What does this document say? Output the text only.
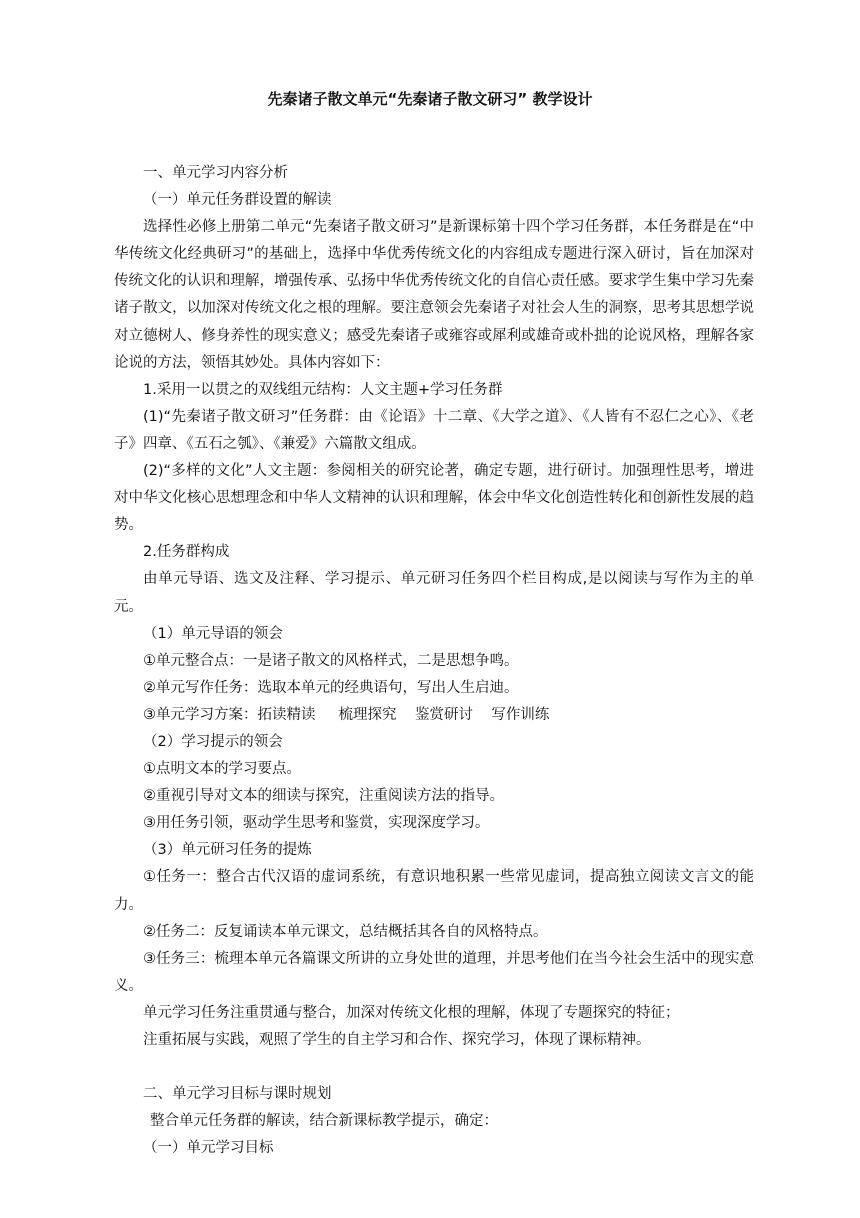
先秦诸子散文单元“先秦诸子散文研习” 教学设计

一、单元学习内容分析

（一）单元任务群设置的解读

选择性必修上册第二单元“先秦诸子散文研习”是新课标第十四个学习任务群，本任务群是在“中华传统文化经典研习”的基础上，选择中华优秀传统文化的内容组成专题进行深入研讨，旨在加深对传统文化的认识和理解，增强传承、弘扬中华优秀传统文化的自信心责任感。要求学生集中学习先秦诸子散文，以加深对传统文化之根的理解。要注意领会先秦诸子对社会人生的洞察，思考其思想学说对立德树人、修身养性的现实意义；感受先秦诸子或雍容或犀利或雄奇或朴拙的论说风格，理解各家论说的方法，领悟其妙处。具体内容如下：

1.采用一以贯之的双线组元结构：人文主题+学习任务群

(1)“先秦诸子散文研习”任务群：由《论语》十二章、《大学之道》、《人皆有不忍仁之心》、《老子》四章、《五石之瓠》、《兼爱》六篇散文组成。

(2)“多样的文化”人文主题：参阅相关的研究论著，确定专题，进行研讨。加强理性思考，增进对中华文化核心思想理念和中华人文精神的认识和理解，体会中华文化创造性转化和创新性发展的趋势。

2.任务群构成

由单元导语、选文及注释、学习提示、单元研习任务四个栏目构成,是以阅读与写作为主的单元。

（1）单元导语的领会

①单元整合点：一是诸子散文的风格样式，二是思想争鸣。

②单元写作任务：选取本单元的经典语句，写出人生启迪。

③单元学习方案：拓读精读     梳理探究    鉴赏研讨    写作训练

（2）学习提示的领会

①点明文本的学习要点。

②重视引导对文本的细读与探究，注重阅读方法的指导。

③用任务引领，驱动学生思考和鉴赏，实现深度学习。

（3）单元研习任务的提炼

①任务一：整合古代汉语的虚词系统，有意识地积累一些常见虚词，提高独立阅读文言文的能力。

②任务二：反复诵读本单元课文，总结概括其各自的风格特点。

③任务三：梳理本单元各篇课文所讲的立身处世的道理，并思考他们在当今社会生活中的现实意义。

单元学习任务注重贯通与整合，加深对传统文化根的理解，体现了专题探究的特征；

注重拓展与实践，观照了学生的自主学习和合作、探究学习，体现了课标精神。

二、单元学习目标与课时规划

整合单元任务群的解读，结合新课标教学提示，确定：

（一）单元学习目标
